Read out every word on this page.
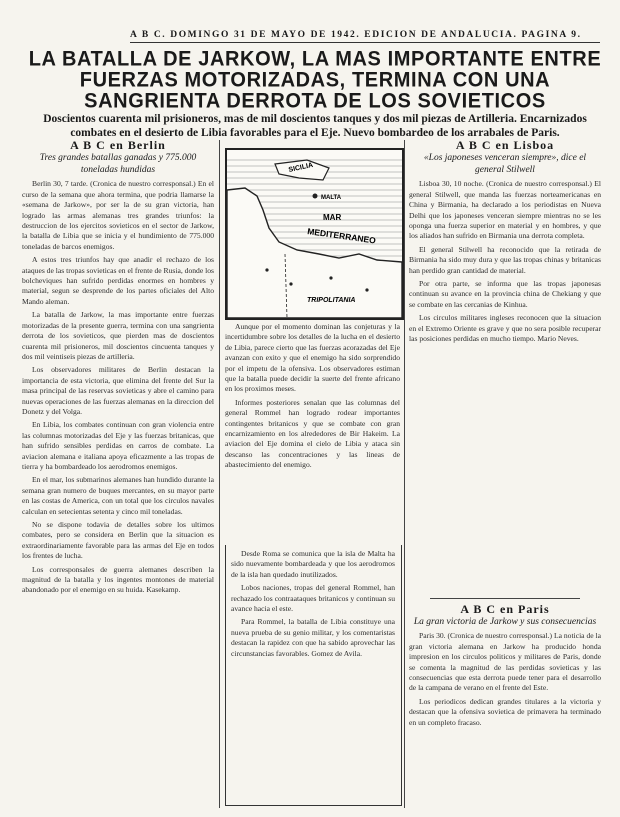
A B C. DOMINGO 31 DE MAYO DE 1942. EDICION DE ANDALUCIA. PAGINA 9.
LA BATALLA DE JARKOW, LA MAS IMPORTANTE ENTRE FUERZAS MOTORIZADAS, TERMINA CON UNA SANGRIENTA DERROTA DE LOS SOVIETICOS
Doscientos cuarenta mil prisioneros, mas de mil doscientos tanques y dos mil piezas de Artilleria. Encarnizados combates en el desierto de Libia favorables para el Eje. Nuevo bombardeo de los arrabales de Paris.
A B C en Berlin
Tres grandes batallas ganadas y 775.000 toneladas hundidas

Berlin 30, 7 tarde. (Cronica de nuestro corresponsal.) En el curso de la semana que ahora termina, que podria llamarse la «semana de Jarkow», por ser la de su gran victoria, han logrado las armas alemanas tres grandes triunfos: la destruccion de los ejercitos sovieticos en el sector de Jarkow, la batalla de Libia que se inicia y el hundimiento de 775.000 toneladas de barcos enemigos.

A estos tres triunfos hay que anadir el rechazo de los ataques de las tropas sovieticas en el frente de Rusia, donde los bolcheviques han sufrido perdidas enormes en hombres y material, segun se desprende de los partes oficiales del Alto Mando aleman.

La batalla de Jarkow, la mas importante entre fuerzas motorizadas de la presente guerra, termina con una sangrienta derrota de los sovieticos, que pierden mas de doscientos cuarenta mil prisioneros, mil doscientos cincuenta tanques y dos mil veintiseis piezas de artilleria.

Los observadores militares de Berlin destacan la importancia de esta victoria, que elimina del frente del Sur la masa principal de las reservas sovieticas y abre el camino para nuevas operaciones de las fuerzas alemanas en la direccion del Donetz y del Volga.

En Libia, los combates continuan con gran violencia entre las columnas motorizadas del Eje y las fuerzas britanicas, que han sufrido sensibles perdidas en carros de combate. La aviacion alemana e italiana apoya eficazmente a las tropas de tierra y ha bombardeado los aerodromos enemigos.

En el mar, los submarinos alemanes han hundido durante la semana gran numero de buques mercantes, en su mayor parte en las costas de America, con un total que los circulos navales calculan en setecientas setenta y cinco mil toneladas.

No se dispone todavia de detalles sobre los ultimos combates, pero se considera en Berlin que la situacion es extraordinariamente favorable para las armas del Eje en todos los frentes de lucha.

Los corresponsales de guerra alemanes describen la magnitud de la batalla y los ingentes montones de material abandonado por el enemigo en su huida. Kasekamp.

SICILIA
MALTA
MAR
MEDITERRANEO
TRIPOLITANIA

Aunque por el momento dominan las conjeturas y la incertidumbre sobre los detalles de la lucha en el desierto de Libia, parece cierto que las fuerzas acorazadas del Eje avanzan con exito y que el enemigo ha sido sorprendido por el impetu de la ofensiva. Los observadores estiman que la batalla puede decidir la suerte del frente africano en los proximos meses.

Informes posteriores senalan que las columnas del general Rommel han logrado rodear importantes contingentes britanicos y que se combate con gran encarnizamiento en los alrededores de Bir Hakeim. La aviacion del Eje domina el cielo de Libia y ataca sin descanso las concentraciones y las lineas de abastecimiento del enemigo.

Desde Roma se comunica que la isla de Malta ha sido nuevamente bombardeada y que los aerodromos de la isla han quedado inutilizados.

Lobos naciones, tropas del general Rommel, han rechazado los contraataques britanicos y continuan su avance hacia el este.

Para Rommel, la batalla de Libia constituye una nueva prueba de su genio militar, y los comentaristas destacan la rapidez con que ha sabido aprovechar las circunstancias favorables. Gomez de Avila.

A B C en Lisboa
«Los japoneses venceran siempre», dice el general Stilwell

Lisboa 30, 10 noche. (Cronica de nuestro corresponsal.) El general Stilwell, que manda las fuerzas norteamericanas en China y Birmania, ha declarado a los periodistas en Nueva Delhi que los japoneses venceran siempre mientras no se les oponga una fuerza superior en material y en hombres, y que los aliados han sufrido en Birmania una derrota completa.

El general Stilwell ha reconocido que la retirada de Birmania ha sido muy dura y que las tropas chinas y britanicas han perdido gran cantidad de material.

Por otra parte, se informa que las tropas japonesas continuan su avance en la provincia china de Chekiang y que se combate en las cercanias de Kinhua.

Los circulos militares ingleses reconocen que la situacion en el Extremo Oriente es grave y que no sera posible recuperar las posiciones perdidas en mucho tiempo. Mario Neves.

A B C en Paris
La gran victoria de Jarkow y sus consecuencias

Paris 30. (Cronica de nuestro corresponsal.) La noticia de la gran victoria alemana en Jarkow ha producido honda impresion en los circulos politicos y militares de Paris, donde se comenta la magnitud de las perdidas sovieticas y las consecuencias que esta derrota puede tener para el desarrollo de la campana de verano en el frente del Este.

Los periodicos dedican grandes titulares a la victoria y destacan que la ofensiva sovietica de primavera ha terminado en un completo fracaso.
